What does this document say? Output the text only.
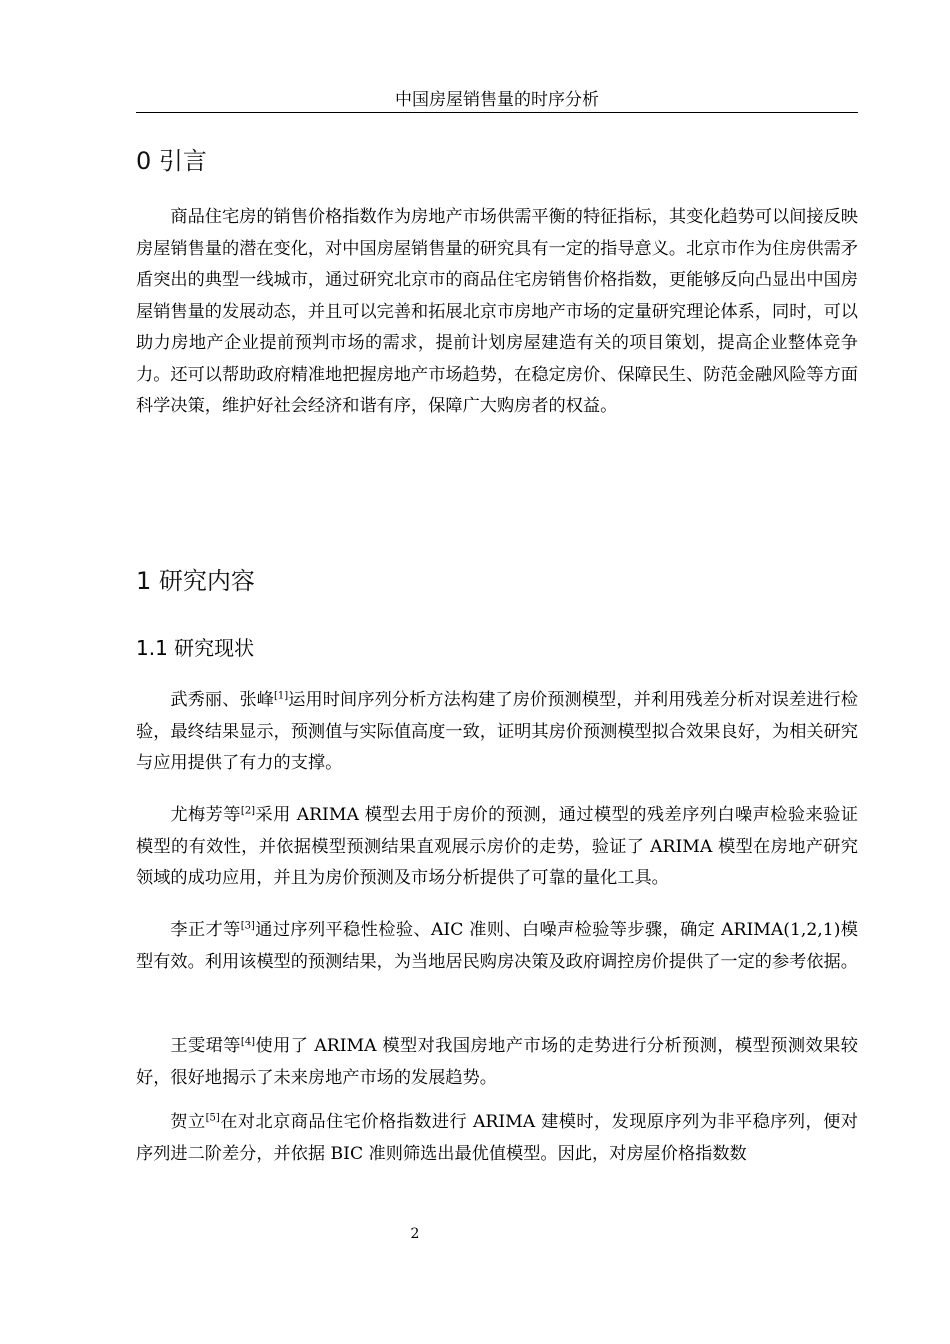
中国房屋销售量的时序分析
0 引言

商品住宅房的销售价格指数作为房地产市场供需平衡的特征指标，其变化趋势可以间接反映房屋销售量的潜在变化，对中国房屋销售量的研究具有一定的指导意义。北京市作为住房供需矛盾突出的典型一线城市，通过研究北京市的商品住宅房销售价格指数，更能够反向凸显出中国房屋销售量的发展动态，并且可以完善和拓展北京市房地产市场的定量研究理论体系，同时，可以助力房地产企业提前预判市场的需求，提前计划房屋建造有关的项目策划，提高企业整体竞争力。还可以帮助政府精准地把握房地产市场趋势，在稳定房价、保障民生、防范金融风险等方面科学决策，维护好社会经济和谐有序，保障广大购房者的权益。

1 研究内容
1.1 研究现状

武秀丽、张峰[1]运用时间序列分析方法构建了房价预测模型，并利用残差分析对误差进行检验，最终结果显示，预测值与实际值高度一致，证明其房价预测模型拟合效果良好，为相关研究与应用提供了有力的支撑。

尤梅芳等[2]采用 ARIMA 模型去用于房价的预测，通过模型的残差序列白噪声检验来验证模型的有效性，并依据模型预测结果直观展示房价的走势，验证了 ARIMA 模型在房地产研究领域的成功应用，并且为房价预测及市场分析提供了可靠的量化工具。

李正才等[3]通过序列平稳性检验、AIC 准则、白噪声检验等步骤，确定 ARIMA(1,2,1)模型有效。利用该模型的预测结果，为当地居民购房决策及政府调控房价提供了一定的参考依据。

王雯珺等[4]使用了 ARIMA 模型对我国房地产市场的走势进行分析预测，模型预测效果较好，很好地揭示了未来房地产市场的发展趋势。

贺立[5]在对北京商品住宅价格指数进行 ARIMA 建模时，发现原序列为非平稳序列，便对序列进二阶差分，并依据 BIC 准则筛选出最优值模型。因此，对房屋价格指数数

2
